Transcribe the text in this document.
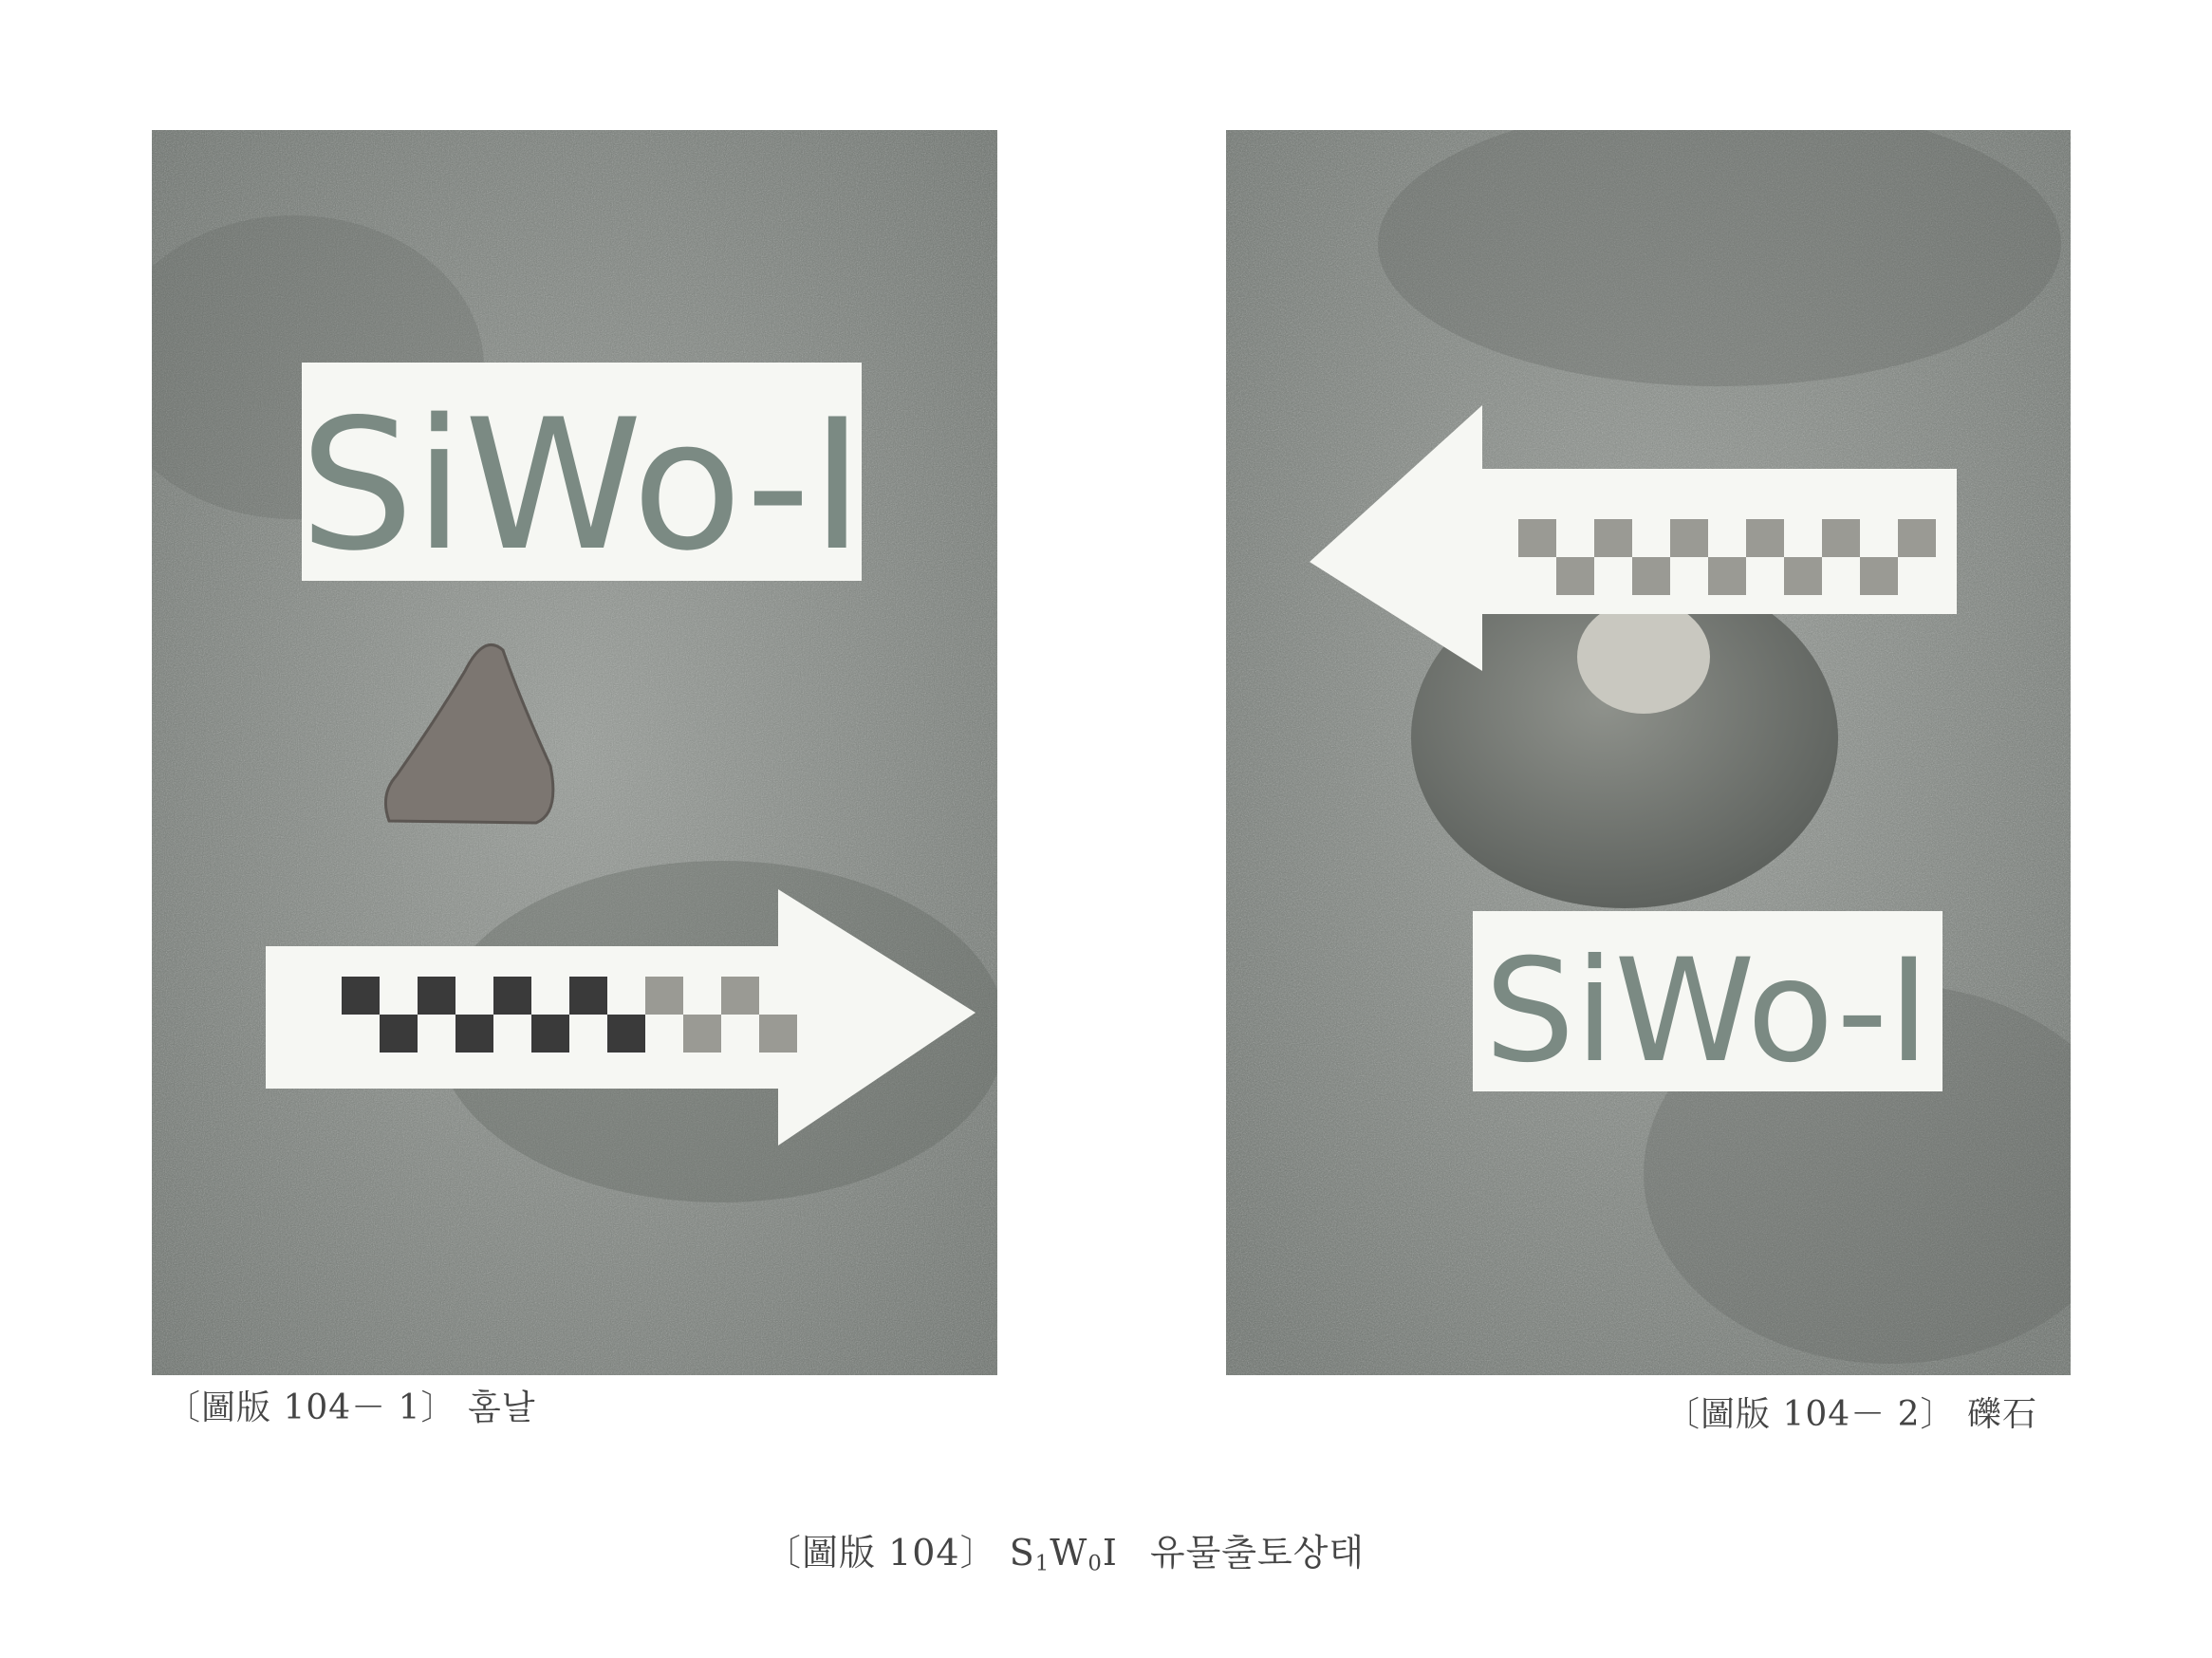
SiWo-I
SiWo-I
〔圖版 104－ 1〕 홈날	〔圖版 104－ 2〕 礫石
〔圖版 104〕 $S_1W_0Ⅰ$ 유물출토상태
